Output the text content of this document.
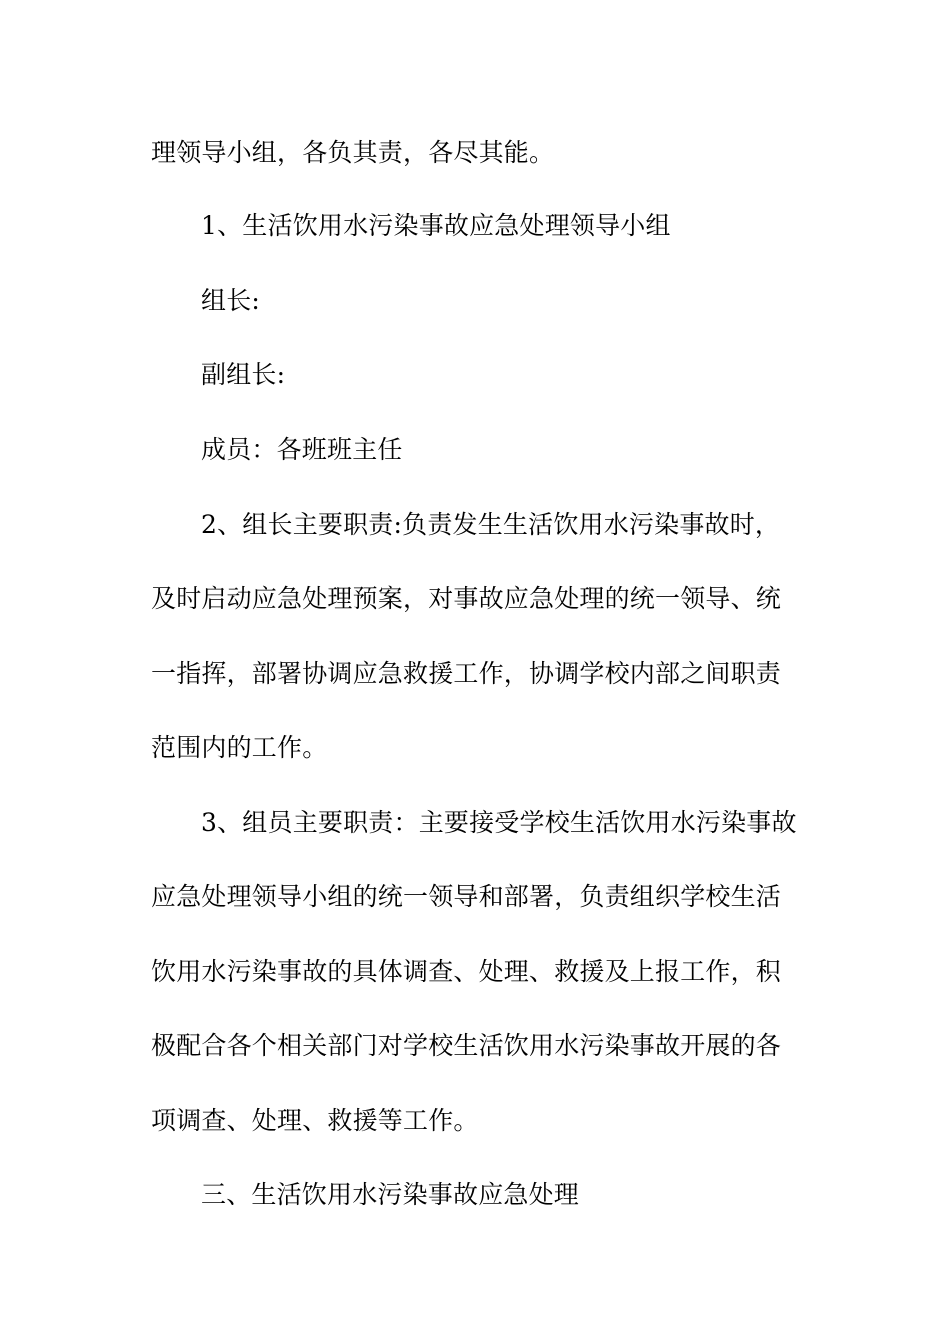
理领导小组，各负其责，各尽其能。
1、生活饮用水污染事故应急处理领导小组
组长:
副组长:
成员：各班班主任
2、组长主要职责:负责发生生活饮用水污染事故时，
及时启动应急处理预案，对事故应急处理的统一领导、统
一指挥，部署协调应急救援工作，协调学校内部之间职责
范围内的工作。
3、组员主要职责：主要接受学校生活饮用水污染事故
应急处理领导小组的统一领导和部署，负责组织学校生活
饮用水污染事故的具体调查、处理、救援及上报工作，积
极配合各个相关部门对学校生活饮用水污染事故开展的各
项调查、处理、救援等工作。
三、生活饮用水污染事故应急处理
